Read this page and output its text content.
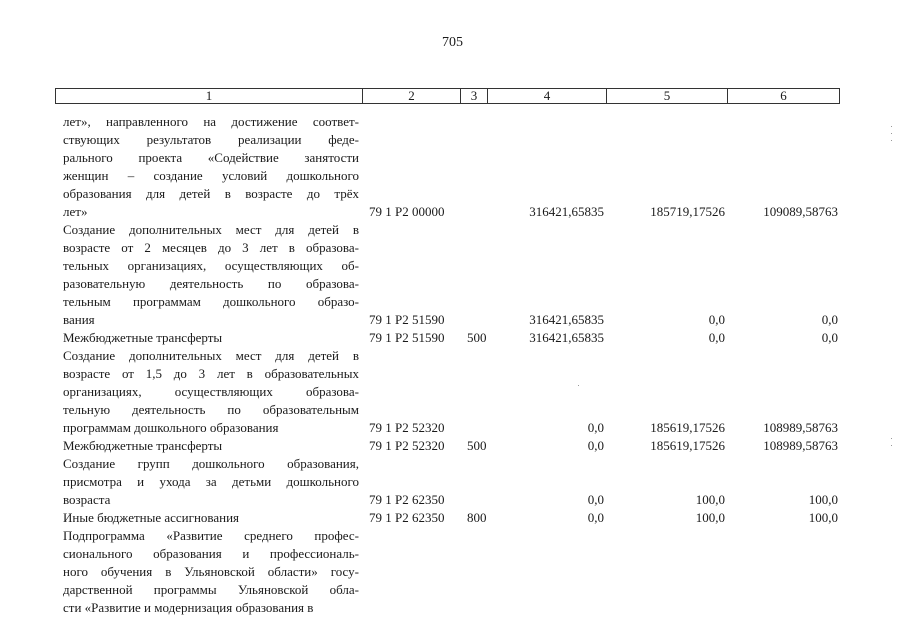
705
1	2	3	4	5	6
лет», направленного на достижение соответ-
ствующих результатов реализации феде-
рального проекта «Содействие занятости
женщин – создание условий дошкольного
образования для детей в возрасте до трёх
лет»	79 1 P2 00000	316421,65835	185719,17526	109089,58763
Создание дополнительных мест для детей в
возрасте от 2 месяцев до 3 лет в образова-
тельных организациях, осуществляющих об-
разовательную деятельность по образова-
тельным программам дошкольного образо-
вания	79 1 P2 51590	316421,65835	0,0	0,0
Межбюджетные трансферты	79 1 P2 51590 500	316421,65835	0,0	0,0
Создание дополнительных мест для детей в
возрасте от 1,5 до 3 лет в образовательных
организациях, осуществляющих образова-
тельную деятельность по образовательным
программам дошкольного образования	79 1 P2 52320	0,0	185619,17526	108989,58763
Межбюджетные трансферты	79 1 P2 52320 500	0,0	185619,17526	108989,58763
Создание групп дошкольного образования,
присмотра и ухода за детьми дошкольного
возраста	79 1 P2 62350	0,0	100,0	100,0
Иные бюджетные ассигнования	79 1 P2 62350 800	0,0	100,0	100,0
Подпрограмма «Развитие среднего профес-
сионального образования и профессиональ-
ного обучения в Ульяновской области» госу-
дарственной программы Ульяновской обла-
сти «Развитие и модернизация образования в
